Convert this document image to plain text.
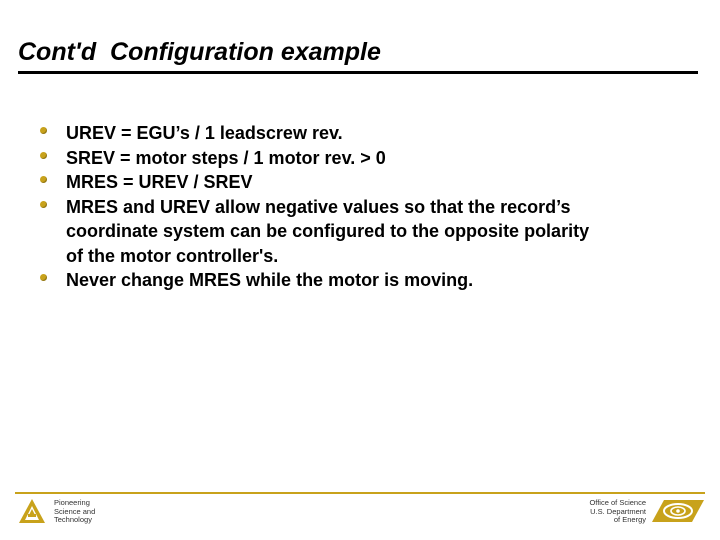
Cont'd  Configuration example
UREV = EGU’s / 1 leadscrew rev.
SREV = motor steps / 1 motor rev. > 0
MRES = UREV / SREV
MRES and UREV allow negative values so that the record’s
coordinate system can be configured to the opposite polarity
of the motor controller's.
Never change MRES while the motor is moving.
Pioneering
Science and
Technology
Office of Science
U.S. Department
of Energy
